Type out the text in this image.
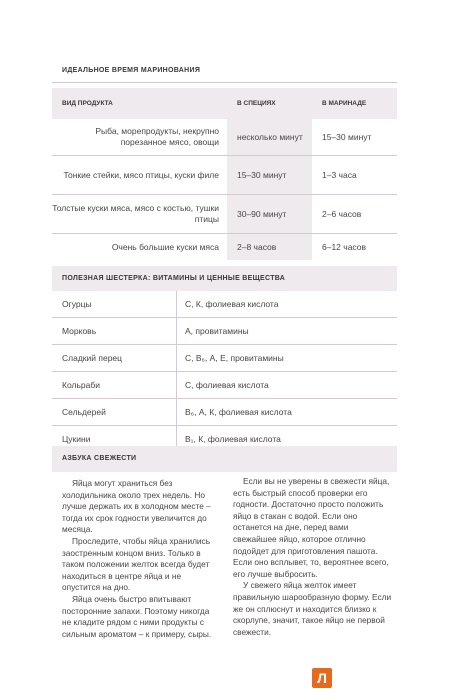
ИДЕАЛЬНОЕ ВРЕМЯ МАРИНОВАНИЯ
ВИД ПРОДУКТА	В СПЕЦИЯХ	В МАРИНАДЕ
Рыба, морепродукты, некрупно порезанное мясо, овощи	несколько минут	15–30 минут
Тонкие стейки, мясо птицы, куски филе	15–30 минут	1–3 часа
Толстые куски мяса, мясо с костью, тушки птицы	30–90 минут	2–6 часов
Очень большие куски мяса	2–8 часов	6–12 часов
ПОЛЕЗНАЯ ШЕСТЕРКА: ВИТАМИНЫ И ЦЕННЫЕ ВЕЩЕСТВА
Огурцы	С, К, фолиевая кислота
Морковь	А, провитамины
Сладкий перец	С, В₆, А, Е, провитамины
Кольраби	С, фолиевая кислота
Сельдерей	В₆, А, К, фолиевая кислота
Цукини	В₁, К, фолиевая кислота
АЗБУКА СВЕЖЕСТИ

Яйца могут храниться без холодильника около трех недель. Но лучше держать их в холодном месте – тогда их срок годности увеличится до месяца.

Проследите, чтобы яйца хранились заостренным концом вниз. Только в таком положении желток всегда будет находиться в центре яйца и не опустится на дно.

Яйца очень быстро впитывают посторонние запахи. Поэтому никогда не кладите рядом с ними продукты с сильным ароматом – к примеру, сыры.

Если вы не уверены в свежести яйца, есть быстрый способ проверки его годности. Достаточно просто положить яйцо в стакан с водой. Если оно останется на дне, перед вами свежайшее яйцо, которое отлично подойдет для приготовления пашота. Если оно всплывет, то, вероятнее всего, его лучше выбросить.

У свежего яйца желток имеет правильную шарообразную форму. Если же он сплюснут и находится близко к скорлупе, значит, такое яйцо не первой свежести.

Л
